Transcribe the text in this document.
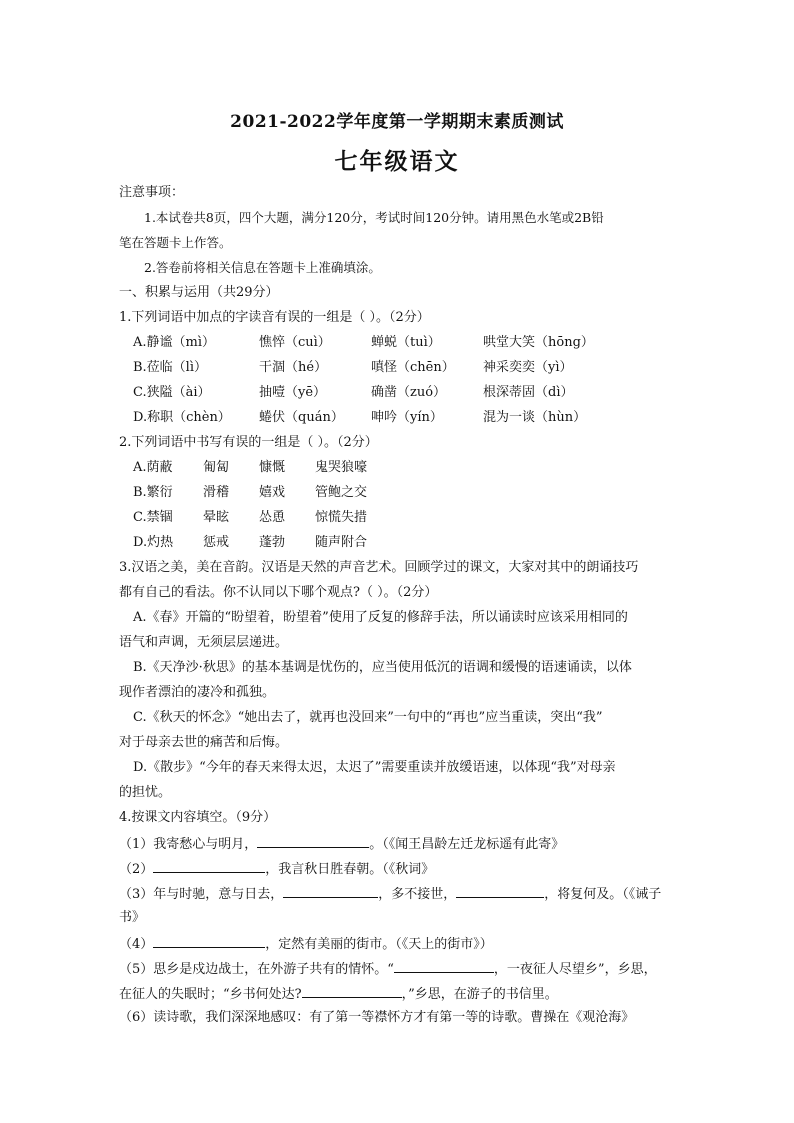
2021-2022学年度第一学期期末素质测试
七年级语文
注意事项：
1.本试卷共8页，四个大题，满分120分，考试时间120分钟。请用黑色水笔或2B铅
笔在答题卡上作答。
2.答卷前将相关信息在答题卡上准确填涂。
一、积累与运用（共29分）
1.下列词语中加点的字读音有误的一组是（ ）。（2分）
A.静谧（mì）	憔悴（cuì）	蝉蜕（tuì）	哄堂大笑（hōng）
B.莅临（lì）	干涸（hé）	嗔怪（chēn） 神采奕奕（yì）
C.狭隘（ài）	抽噎（yē）	确凿（zuó）	根深蒂固（dì）
D.称职（chèn） 蜷伏（quán） 呻吟（yín）	混为一谈（hùn）
2.下列词语中书写有误的一组是（ ）。（2分）
A.荫蔽 匍匐 慷慨 鬼哭狼嚎
B.繁衍 滑稽 嬉戏 管鲍之交
C.禁锢 晕眩 怂恿 惊慌失措
D.灼热 惩戒 蓬勃 随声附合
3.汉语之美，美在音韵。汉语是天然的声音艺术。回顾学过的课文，大家对其中的朗诵技巧
都有自己的看法。你不认同以下哪个观点?（ ）。（2分）
A.《春》开篇的“盼望着，盼望着”使用了反复的修辞手法，所以诵读时应该采用相同的
语气和声调，无须层层递进。
B.《天净沙·秋思》的基本基调是忧伤的，应当使用低沉的语调和缓慢的语速诵读，以体
现作者漂泊的凄冷和孤独。
C.《秋天的怀念》“她出去了，就再也没回来”一句中的“再也”应当重读，突出“我”
对于母亲去世的痛苦和后悔。
D.《散步》“今年的春天来得太迟，太迟了”需要重读并放缓语速，以体现“我”对母亲
的担忧。
4.按课文内容填空。（9分）
（1）我寄愁心与明月，	。（《闻王昌龄左迁龙标遥有此寄》
（2）	，我言秋日胜春朝。（《秋词》
（3）年与时驰，意与日去，	，多不接世，	，将复何及。（《诫子
书》
（4）	，定然有美丽的街市。（《天上的街市》）
（5）思乡是戍边战士，在外游子共有的情怀。“	，一夜征人尽望乡”，乡思，
在征人的失眠时；“乡书何处达?	，”乡思，在游子的书信里。
（6）读诗歌，我们深深地感叹：有了第一等襟怀方才有第一等的诗歌。曹操在《观沧海》
